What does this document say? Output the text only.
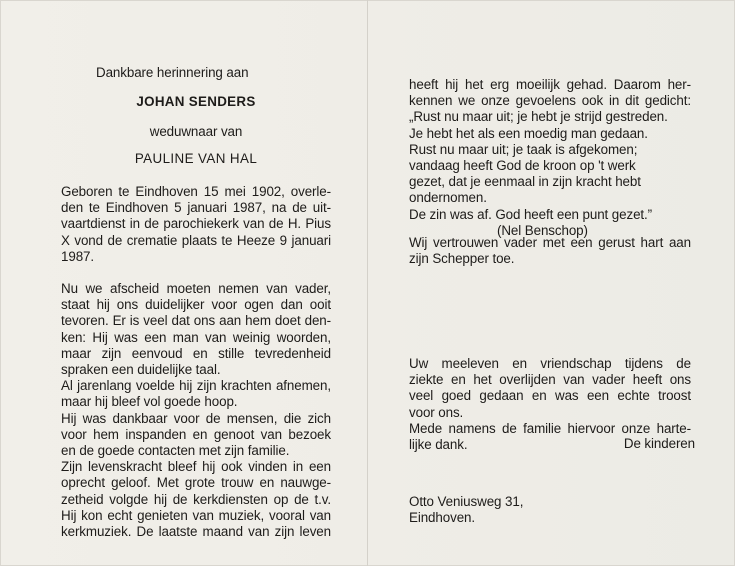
Dankbare herinnering aan
JOHAN SENDERS
weduwnaar van
PAULINE VAN HAL
Geboren te Eindhoven 15 mei 1902, overle-
den te Eindhoven 5 januari 1987, na de uit-
vaartdienst in de parochiekerk van de H. Pius
X vond de crematie plaats te Heeze 9 januari
1987.
Nu we afscheid moeten nemen van vader,
staat hij ons duidelijker voor ogen dan ooit
tevoren. Er is veel dat ons aan hem doet den-
ken: Hij was een man van weinig woorden,
maar zijn eenvoud en stille tevredenheid
spraken een duidelijke taal.
Al jarenlang voelde hij zijn krachten afnemen,
maar hij bleef vol goede hoop.
Hij was dankbaar voor de mensen, die zich
voor hem inspanden en genoot van bezoek
en de goede contacten met zijn familie.
Zijn levenskracht bleef hij ook vinden in een
oprecht geloof. Met grote trouw en nauwge-
zetheid volgde hij de kerkdiensten op de t.v.
Hij kon echt genieten van muziek, vooral van
kerkmuziek. De laatste maand van zijn leven
heeft hij het erg moeilijk gehad. Daarom her-
kennen we onze gevoelens ook in dit gedicht:
„Rust nu maar uit; je hebt je strijd gestreden.
Je hebt het als een moedig man gedaan.
Rust nu maar uit; je taak is afgekomen;
vandaag heeft God de kroon op 't werk
gezet, dat je eenmaal in zijn kracht hebt
ondernomen.
De zin was af. God heeft een punt gezet.”
(Nel Benschop)
Wij vertrouwen vader met een gerust hart aan
zijn Schepper toe.
Uw meeleven en vriendschap tijdens de
ziekte en het overlijden van vader heeft ons
veel goed gedaan en was een echte troost
voor ons.
Mede namens de familie hiervoor onze harte-
lijke dank.	De kinderen
Otto Veniusweg 31,
Eindhoven.
